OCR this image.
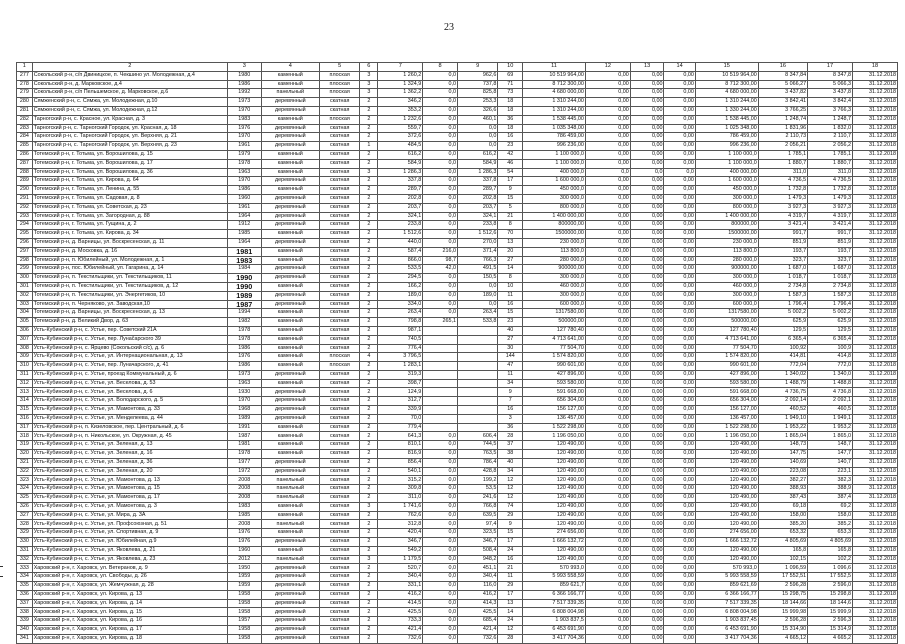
23
1	2	3	4	5	6	7	8	9	10	11	12	13	14	15	16	17	18
277	Сокольский р-н, с/п Двиницкое, п. Чекшино ул. Молодежная, д.4	1980	каменный	плоская	3	1 260,2	0,0	962,6	69	10 519 964,00	0,00	0,00	0,00	10 519 964,00	8 347,84	8 347,8	31.12.2018
278	Сокольский р-н, д. Марковское, д.4	1986	каменный	плоская	3	1 324,9	0,0	737,8	71	8 712 300,00	0,00	0,00	0,00	8 712 300,00	5 066,27	5 066,3	31.12.2018
279	Сокольский р-н, с/п Пельшемское, д. Марковское, д.6	1992	панельный	плоская	3	1 362,2	0,0	825,8	73	4 680 000,00	0,00	0,00	0,00	4 680 000,00	3 437,82	3 437,8	31.12.2018
280	Сямженский р-н, с. Сямжа, ул. Молодежная, д.10	1973	деревянный	скатная	2	346,2	0,0	253,3	18	1 310 244,00	0,00	0,00	0,00	1 310 244,00	3 842,41	3 842,4	31.12.2018
281	Сямженский р-н, с. Сямжа, ул. Молодежная, д.12	1970	деревянный	скатная	2	353,2	0,0	326,6	18	1 310 244,00	0,00	0,00	0,00	1 330 244,00	3 766,25	3 766,3	31.12.2018
282	Тарногский р-н, с. Красное, ул. Красная, д. 3	1983	каменный	плоская	2	1 232,6	0,0	460,1	36	1 538 445,00	0,00	0,00	0,00	1 538 445,00	1 248,74	1 248,7	31.12.2018
283	Тарногский р-н, с. Тарногский Городок, ул. Красная, д. 18	1976	деревянный	скатная	2	559,7	0,0	0,0	18	1 035 348,00	0,00	0,00	0,00	1 025 348,00	1 831,96	1 832,0	31.12.2018
284	Тарногский р-н, с. Тарногский Городок, ул. Верхняя, д. 21	1970	деревянный	скатная	2	372,6	0,0	0,0	16	786 459,00	0,00	0,00	0,00	786 459,00	2 110,73	2 110,7	31.12.2018
285	Тарногский р-н, с. Тарногский Городок, ул. Верхняя, д. 23	1961	деревянный	скатная	1	484,5	0,0	0,0	23	996 236,00	0,00	0,00	0,00	996 236,00	2 056,21	2 056,2	31.12.2018
286	Тотемский р-н, г. Тотьма, ул. Ворошилова, д. 15	1979	каменный	скатная	2	616,2	0,0	616,2	42	1 100 000,0	0,00	0,00	0,00	1 100 000,0	1 785,1	1 785,1	31.12.2018
287	Тотемский р-н, г. Тотьма, ул. Ворошилова, д. 17	1978	каменный	скатная	2	584,9	0,0	584,9	46	1 100 000,0	0,00	0,00	0,00	1 100 000,0	1 880,7	1 880,7	31.12.2018
288	Тотемский р-н, г. Тотьма, ул. Ворошилова, д. 36	1963	каменный	скатная	3	1 286,3	0,0	1 286,3	54	400 000,0	0,0	0,0	0,0	400 000,00	311,0	311,0	31.12.2018
289	Тотемский р-н, г. Тотьма, ул. Кирова, д. 64	1970	деревянный	скатная	2	337,8	0,0	337,8	17	1 600 000,0	0,00	0,00	0,00	1 600 000,0	4 736,5	4 736,5	31.12.2018
290	Тотемский р-н, г. Тотьма, ул. Ленина, д. 55	1986	каменный	скатная	2	289,7	0,0	289,7	9	450 000,0	0,00	0,00	0,00	450 000,0	1 732,8	1 732,8	31.12.2018
291	Тотемский р-н, г. Тотьма, ул. Садовая, д. 8	1960	деревянный	скатная	2	202,8	0,0	202,8	15	300 000,0	0,00	0,00	0,00	300 000,0	1 479,3	1 479,3	31.12.2018
292	Тотемский р-н, г. Тотьма, ул. Советская, д. 23	1961	деревянный	скатная	2	203,7	0,0	203,7	5	800 000,0	0,00	0,00	0,00	800 000,0	3 927,3	3 927,3	31.12.2018
293	Тотемский р-н, г. Тотьма, ул. Загородная, д. 88	1964	деревянный	скатная	2	324,1	0,0	324,1	21	1 400 000,00	0,00	0,00	0,00	1 400 000,00	4 319,7	4 319,7	31.12.2018
294	Тотемский р-н, г. Тотьма, ул. Гущина, д. 2	1912	деревянный	скатная	2	233,8	0,0	233,8	8	800000,00	0,00	0,00	0,00	800000,00	3 421,4	3 421,4	31.12.2018
295	Тотемский р-н, г. Тотьма, ул. Кирова, д. 34	1985	каменный	скатная	2	1 512,6	0,0	1 512,6	70	1500000,00	0,00	0,00	0,00	1500000,00	991,7	991,7	31.12.2018
296	Тотемский р-н, д. Варницы, ул. Воскресенская, д. 11	1964	деревянный	скатная	2	440,0	0,0	270,0	13	230 000,0	0,00	0,00	0,00	230 000,0	851,9	851,9	31.12.2018
297	Тотемский р-н, д. Московка, д. 16	1981	каменный	скатная	2	587,4	216,0	371,4	20	113 800,0	0,00	0,00	0,00	113 800,0	193,7	193,7	31.12.2018
298	Тотемский р-н, п. Юбилейный, ул. Молодежная, д. 1	1983	каменный	скатная	2	866,0	98,7	766,3	27	280 000,0	0,00	0,00	0,00	280 000,0	323,7	323,7	31.12.2018
299	Тотемский р-н, пос. Юбилейный, ул. Гагарина, д. 14	1984	деревянный	скатная	2	533,5	42,0	491,5	14	900000,00	0,00	0,00	0,00	900000,00	1 687,0	1 687,0	31.12.2018
300	Тотемский р-н, п. Текстильщики, ул. Текстильщиков, 11	1990	деревянный	скатная	2	294,5	0,0	150,5	8	300 000,0	0,00	0,00	0,00	300 000,0	1 018,7	1 018,7	31.12.2018
301	Тотемский р-н, п. Текстильщики, ул. Текстильщиков, д. 12	1990	каменный	скатная	2	166,2	0,0	0,0	10	460 000,0	0,00	0,00	0,00	460 000,0	2 734,8	2 734,8	31.12.2018
302	Тотемский р-н, п. Текстильщики, ул. Энергетиков, 10	1989	деревянный	скатная	2	189,0	0,0	189,0	11	300 000,0	0,00	0,00	0,00	300 000,0	1 587,3	1 587,3	31.12.2018
303	Тотемский р-н, п. Черняково, ул. Заводская,10	1987	деревянный	скатная	2	334,0	0,0	0,0	16	600 000,0	0,00	0,00	0,00	600 000,0	1 796,4	1 796,4	31.12.2018
304	Тотемский р-н, д. Варницы, ул. Воскресенская, д. 13	1994	каменный	скатная	2	263,4	0,0	263,4	15	1317580,00	0,00	0,00	0,00	1317580,00	5 002,2	5 002,2	31.12.2018
305	Тотемский р-н, д. Великий Двор, д. 63	1982	каменный	скатная	2	798,8	265,1	533,8	23	500000,00	0,00	0,00	0,00	500000,00	625,9	625,9	31.12.2018
306	Усть-Кубинский р-н, с. Устье, пер. Советский 21А	1978	каменный	скатная	2	987,1			40	127 780,40	0,00	0,00	0,00	127 780,40	129,5	129,5	31.12.2018
307	Усть-Кубинский р-н, с. Устье, пер. Лунačарского 39	1978	каменный	скатная	2	740,5			27	4 713 641,00	0,00	0,00	0,00	4 713 641,00	6 365,4	6 365,4	31.12.2018
308	Усть-Кубинский р-н, с. Ярцево (Сокольский с/с), д. 6	1986	каменный	скатная	2	776,4			30	77 504,70	0,00	0,00	0,00	77 504,70	100,92	100,9	31.12.2018
309	Усть-Кубинский р-н, с. Устье, ул. Интернациональная, д. 13	1976	каменный	плоская	4	3 796,5			144	1 574 820,00	0,00	0,00	0,00	1 574 820,00	414,81	414,8	31.12.2018
310	Усть-Кубинский р-н, с. Устье, пер. Луначарского, д. 41	1986	каменный	плоская	2	1 283,1			47	990 601,00	0,00	0,00	0,00	990 601,00	772,04	772,0	31.12.2018
311	Усть-Кубинский р-н, с. Устье, проезд Коммунальный, д. 6	1973	деревянный	скатная	2	319,3			11	427 896,00	0,00	0,00	0,00	427 896,00	1 340,02	1 340,0	31.12.2018
312	Усть-Кубинский р-н, с. Устье, ул. Веселова, д. 53	1963	каменный	скатная	2	398,7			34	593 580,00	0,00	0,00	0,00	593 580,00	1 488,79	1 488,8	31.12.2018
313	Усть-Кубинский р-н, с. Устье, ул. Веселова, д. 6	1930	деревянный	скатная	2	124,9			9	591 668,00	0,00	0,00	0,00	591 668,00	4 736,75	4 736,8	31.12.2018
314	Усть-Кубинский р-н, с. Устье, ул. Володарского, д. 5	1970	деревянный	скатная	2	312,7			7	656 304,00	0,00	0,00	0,00	656 304,00	2 092,14	2 092,1	31.12.2018
315	Усть-Кубинский р-н, с. Устье, ул. Мамонтова, д. 33	1968	деревянный	скатная	2	339,9			16	156 127,00	0,00	0,00	0,00	156 127,00	460,52	460,5	31.12.2018
316	Усть-Кубинский р-н, с. Устье, ул. Менделеева, д. 44	1989	деревянный	скатная	2	70,0			3	136 457,00	0,00	0,00	0,00	136 457,00	1 949,10	1 949,1	31.12.2018
317	Усть-Кубинский р-н, п. Кизеловское, пер. Центральный, д. 6	1991	каменный	скатная	2	779,4			36	1 522 298,00	0,00	0,00	0,00	1 522 298,00	1 953,22	1 953,2	31.12.2018
318	Усть-Кубинский р-н, п. Никольское, ул. Окружная, д. 45	1987	каменный	скатная	2	641,3	0,0	606,4	28	1 196 050,00	0,00	0,00	0,00	1 196 050,00	1 865,04	1 865,0	31.12.2018
319	Усть-Кубинский р-н, с. Устье, ул. Зеленая, д. 13	1981	каменный	скатная	2	810,1	0,0	744,5	37	120 490,00	0,00	0,00	0,00	120 490,00	148,73	148,7	31.12.2018
320	Усть-Кубинский р-н, с. Устье, ул. Зеленая, д. 16	1978	каменный	скатная	2	816,9	0,0	763,5	38	120 490,00	0,00	0,00	0,00	120 490,00	147,75	147,7	31.12.2018
321	Усть-Кубинский р-н, с. Устье, ул. Зеленая, д. 36	1977	деревянный	скатная	2	856,4	0,0	786,4	40	120 490,00	0,00	0,00	0,00	120 490,00	140,69	140,7	31.12.2018
322	Усть-Кубинский р-н, с. Устье, ул. Зеленая, д. 20	1972	деревянный	скатная	2	540,1	0,0	428,8	34	120 490,00	0,00	0,00	0,00	120 490,00	223,08	223,1	31.12.2018
323	Усть-Кубинский р-н, с. Устье, ул. Мамонтова, д. 13	2008	панельный	скатная	2	315,2	0,0	199,2	12	120 490,00	0,00	0,00	0,00	120 490,00	382,27	382,3	31.12.2018
324	Усть-Кубинский р-н, с. Устье, ул. Мамонтова, д. 15	2008	панельный	скатная	2	309,8	0,0	53,5	12	120 490,00	0,00	0,00	0,00	120 490,00	388,93	388,9	31.12.2018
325	Усть-Кубинский р-н, с. Устье, ул. Мамонтова, д. 17	2008	панельный	скатная	2	311,0	0,0	241,6	12	120 490,00	0,00	0,00	0,00	120 490,00	387,43	387,4	31.12.2018
326	Усть-Кубинский р-н, с. Устье, ул. Мамонтова, д. 3	1983	каменный	скатная	3	1 741,6	0,0	766,8	74	120 490,00	0,00	0,00	0,00	120 490,00	69,18	69,2	31.12.2018
327	Усть-Кубинский р-н, с. Устье, ул. Мира, д. 3А	1985	каменный	скатная	2	762,6	0,0	639,5	29	120 490,00	0,00	0,00	0,00	120 490,00	158,00	158,0	31.12.2018
328	Усть-Кубинский р-н, с. Устье, ул. Профсоюзная, д. 51	2008	панельный	скатная	2	312,8	0,0	97,4	9	120 490,00	0,00	0,00	0,00	120 490,00	385,20	385,2	31.12.2018
329	Усть-Кубинский р-н, с. Устье, ул. Спортивная, д. 9	1976	каменный	скатная	2	420,4	0,0	323,5	15	274 656,00	0,00	0,00	0,00	274 656,00	653,32	653,3	31.12.2018
330	Усть-Кубинский р-н, с. Устье, ул. Юбилейная, д.9	1976	деревянный	скатная	2	346,7	0,0	346,7	17	1 666 132,72	0,00	0,00	0,00	1 666 132,72	4 805,69	4 805,69	31.12.2018
331	Усть-Кубинский р-н, с. Устье, ул. Яковлева, д. 21	1960	каменный	скатная	2	549,2	0,0	508,4	24	120 490,00	0,00	0,00	0,00	120 490,00	165,8	165,8	31.12.2018
332	Усть-Кубинский р-н, с. Устье, ул. Яковлева, д. 23	2012	панельный	скатная	3	1 179,5	0,0	948,2	16	120 490,00	0,00	0,00	0,00	120 490,00	102,15	102,2	31.12.2018
333	Харовский р-н, г. Харовск, ул. Ветеранов, д. 9	1950	деревянный	скатная	2	520,7	0,0	451,1	21	570 993,0	0,00	0,00	0,00	570 993,0	1 096,59	1 096,6	31.12.2018
334	Харовский р-н, г. Харовск, ул. Свободы, д. 26	1959	деревянный	скатная	2	340,4	0,0	340,4	11	5 993 558,59	0,00	0,00	0,00	5 993 558,59	17 552,51	17 552,5	31.12.2018
335	Харовский р-н, г. Харовск, ул. Жемчужная, д. 28	1959	деревянный	скатная	2	331,1	0,0	116,0	29	859 621,7	0,00	0,00	0,00	859 621,69	2 596,28	2 596,0	31.12.2018
336	Харовский р-н, г. Харовск, ул. Кирова, д. 13	1958	деревянный	скатная	2	416,2	0,0	416,2	17	6 366 166,77	0,00	0,00	0,00	6 366 166,77	15 298,75	15 298,8	31.12.2018
337	Харовский р-н, г. Харовск, ул. Кирова, д. 14	1958	деревянный	скатная	2	414,5	0,0	414,3	13	7 517 339,35	0,00	0,00	0,00	7 517 339,35	18 144,66	18 144,6	31.12.2018
338	Харовский р-н, г. Харовск, ул. Кирова, д. 15	1958	деревянный	скатная	2	425,5	0,0	425,5	14	6 808 004,98	0,00	0,00	0,00	6 808 004,98	15 999,98	15 999,9	31.12.2018
339	Харовский р-н, г. Харовск, ул. Кирова, д. 16	1957	деревянный	скатная	2	733,3	0,0	685,4	24	1 903 837,5	0,00	0,00	0,00	1 903 837,45	2 596,28	2 596,3	31.12.2018
340	Харовский р-н, г. Харовск, ул. Кирова, д. 17	1958	деревянный	скатная	2	421,4	0,0	421,4	12	6 453 691,90	0,00	0,00	0,00	6 453 691,90	15 314,90	15 314,9	31.12.2018
341	Харовский р-н, г. Харовск, ул. Кирова, д. 18	1958	деревянный	скатная	2	732,6	0,0	732,6	28	3 417 704,36	0,00	0,00	0,00	3 417 704,36	4 665,12	4 665,2	31.12.2018
